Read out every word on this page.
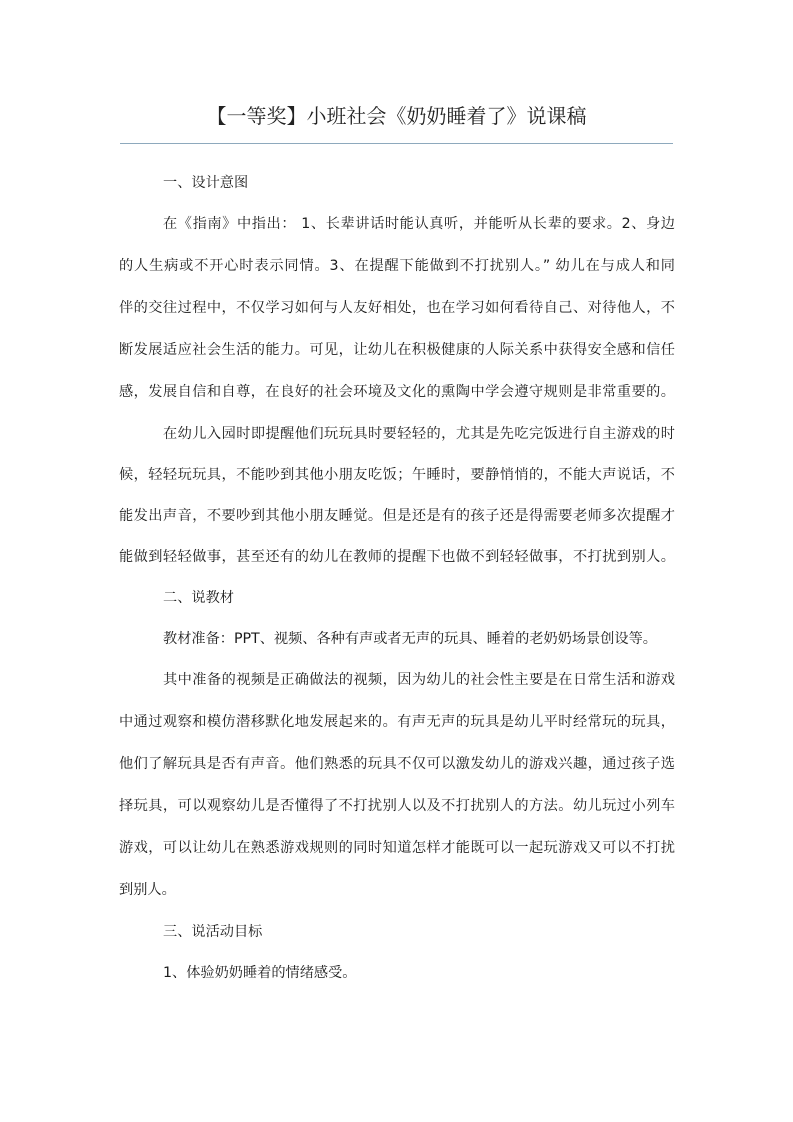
【一等奖】小班社会《奶奶睡着了》说课稿
一、设计意图
在《指南》中指出： 1、长辈讲话时能认真听，并能听从长辈的要求。2、身边
的人生病或不开心时表示同情。3、在提醒下能做到不打扰别人。” 幼儿在与成人和同
伴的交往过程中，不仅学习如何与人友好相处，也在学习如何看待自己、对待他人，不
断发展适应社会生活的能力。可见，让幼儿在积极健康的人际关系中获得安全感和信任
感，发展自信和自尊，在良好的社会环境及文化的熏陶中学会遵守规则是非常重要的。
在幼儿入园时即提醒他们玩玩具时要轻轻的，尤其是先吃完饭进行自主游戏的时
候，轻轻玩玩具，不能吵到其他小朋友吃饭；午睡时，要静悄悄的，不能大声说话，不
能发出声音，不要吵到其他小朋友睡觉。但是还是有的孩子还是得需要老师多次提醒才
能做到轻轻做事，甚至还有的幼儿在教师的提醒下也做不到轻轻做事，不打扰到别人。
二、说教材
教材准备：PPT、视频、各种有声或者无声的玩具、睡着的老奶奶场景创设等。
其中准备的视频是正确做法的视频，因为幼儿的社会性主要是在日常生活和游戏
中通过观察和模仿潜移默化地发展起来的。有声无声的玩具是幼儿平时经常玩的玩具，
他们了解玩具是否有声音。他们熟悉的玩具不仅可以激发幼儿的游戏兴趣，通过孩子选
择玩具，可以观察幼儿是否懂得了不打扰别人以及不打扰别人的方法。幼儿玩过小列车
游戏，可以让幼儿在熟悉游戏规则的同时知道怎样才能既可以一起玩游戏又可以不打扰
到别人。
三、说活动目标
1、体验奶奶睡着的情绪感受。
